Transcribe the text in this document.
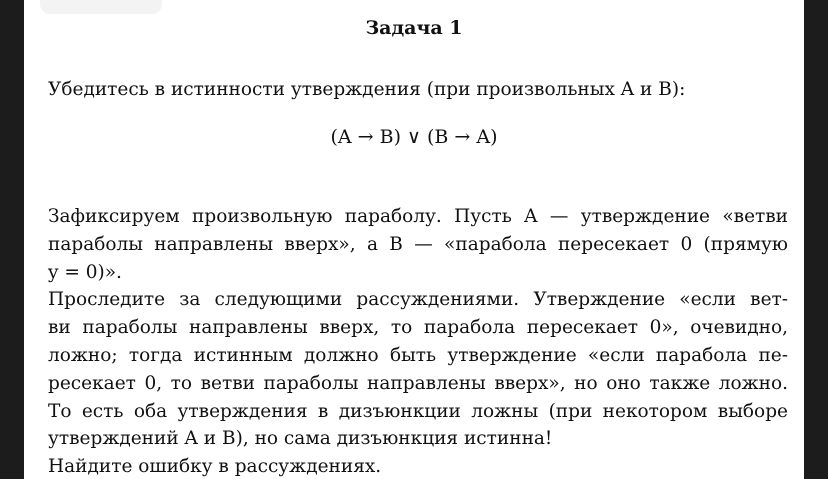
Задача 1
Убедитесь в истинности утверждения (при произвольных A и B):
(A → B) ∨ (B → A)
Зафиксируем произвольную параболу. Пусть A — утверждение «ветви
параболы направлены вверх», а B — «парабола пересекает 0 (прямую
y = 0)».
Проследите за следующими рассуждениями. Утверждение «если вет-
ви параболы направлены вверх, то парабола пересекает 0», очевидно,
ложно; тогда истинным должно быть утверждение «если парабола пе-
ресекает 0, то ветви параболы направлены вверх», но оно также ложно.
То есть оба утверждения в дизъюнкции ложны (при некотором выборе
утверждений A и B), но сама дизъюнкция истинна!
Найдите ошибку в рассуждениях.
